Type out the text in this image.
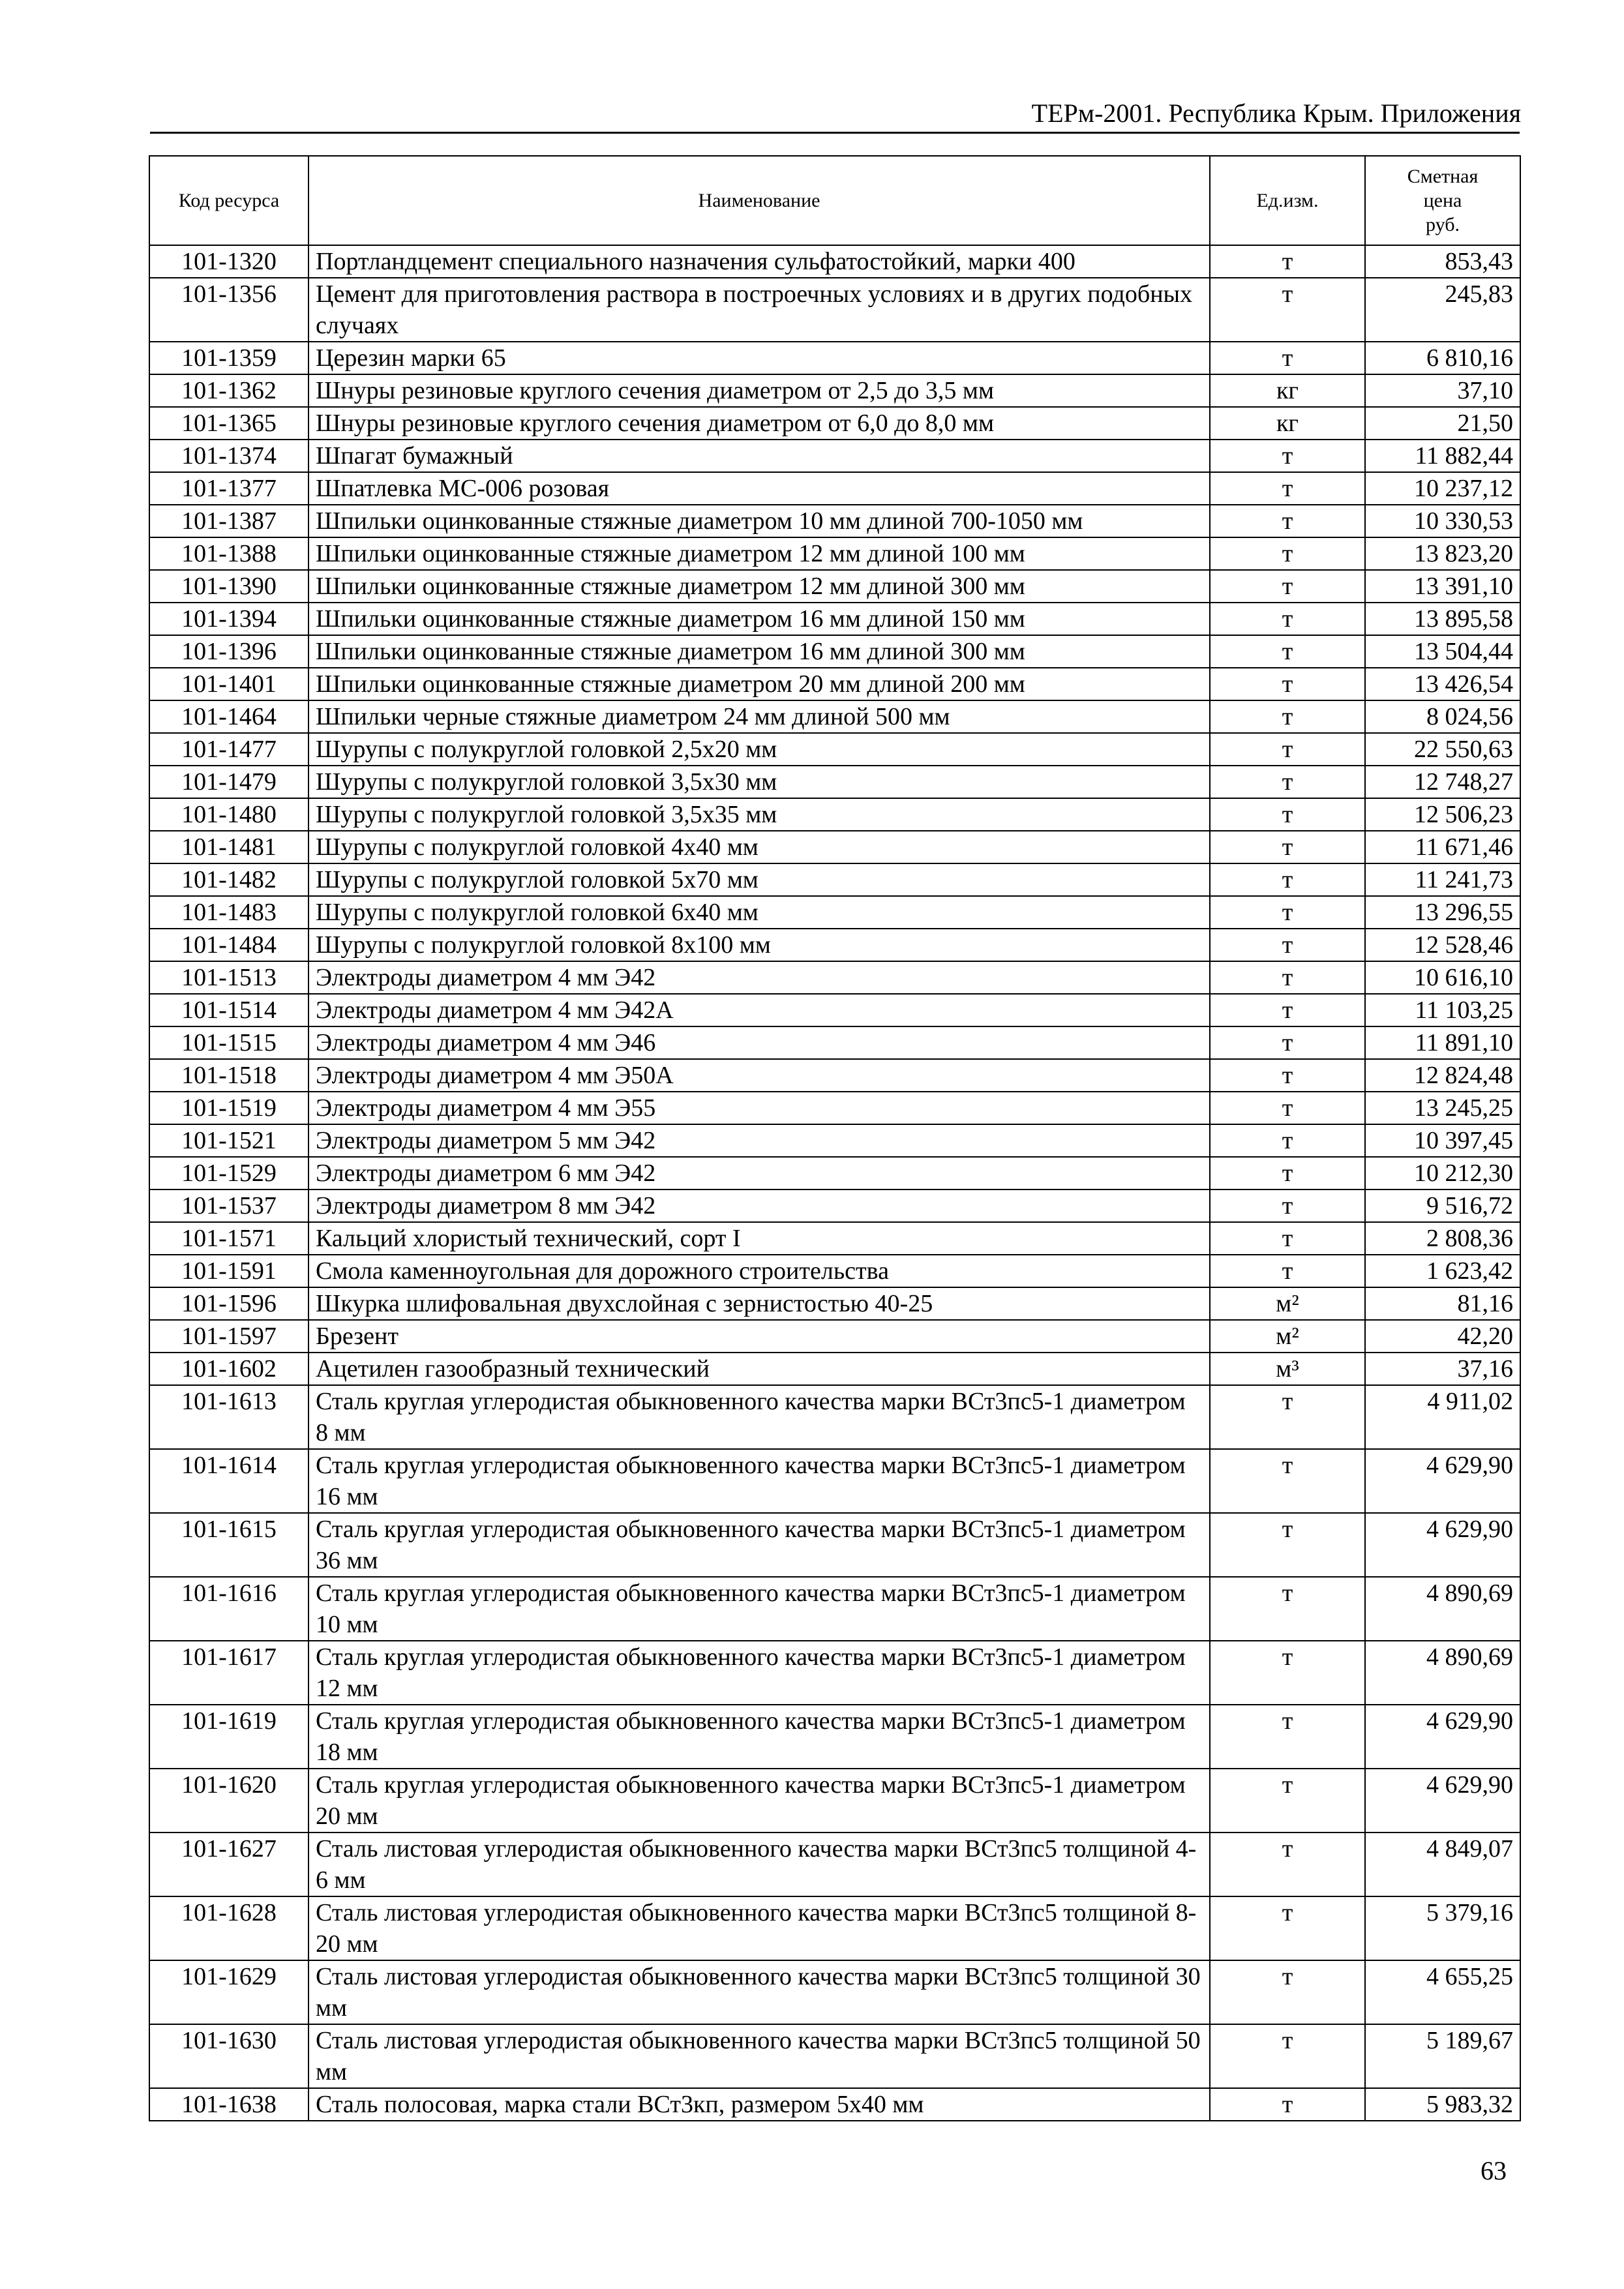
ТЕРм-2001. Республика Крым. Приложения
Код ресурса	Наименование	Ед.изм.	Сметная
цена
руб.
101-1320	Портландцемент специального назначения сульфатостойкий, марки 400	т	853,43
101-1356	Цемент для приготовления раствора в построечных условиях и в других подобных случаях	т	245,83
101-1359	Церезин марки 65	т	6 810,16
101-1362	Шнуры резиновые круглого сечения диаметром от 2,5 до 3,5 мм	кг	37,10
101-1365	Шнуры резиновые круглого сечения диаметром от 6,0 до 8,0 мм	кг	21,50
101-1374	Шпагат бумажный	т	11 882,44
101-1377	Шпатлевка МС-006 розовая	т	10 237,12
101-1387	Шпильки оцинкованные стяжные диаметром 10 мм длиной 700-1050 мм	т	10 330,53
101-1388	Шпильки оцинкованные стяжные диаметром 12 мм длиной 100 мм	т	13 823,20
101-1390	Шпильки оцинкованные стяжные диаметром 12 мм длиной 300 мм	т	13 391,10
101-1394	Шпильки оцинкованные стяжные диаметром 16 мм длиной 150 мм	т	13 895,58
101-1396	Шпильки оцинкованные стяжные диаметром 16 мм длиной 300 мм	т	13 504,44
101-1401	Шпильки оцинкованные стяжные диаметром 20 мм длиной 200 мм	т	13 426,54
101-1464	Шпильки черные стяжные диаметром 24 мм длиной 500 мм	т	8 024,56
101-1477	Шурупы с полукруглой головкой 2,5х20 мм	т	22 550,63
101-1479	Шурупы с полукруглой головкой 3,5х30 мм	т	12 748,27
101-1480	Шурупы с полукруглой головкой 3,5х35 мм	т	12 506,23
101-1481	Шурупы с полукруглой головкой 4х40 мм	т	11 671,46
101-1482	Шурупы с полукруглой головкой 5х70 мм	т	11 241,73
101-1483	Шурупы с полукруглой головкой 6х40 мм	т	13 296,55
101-1484	Шурупы с полукруглой головкой 8х100 мм	т	12 528,46
101-1513	Электроды диаметром 4 мм Э42	т	10 616,10
101-1514	Электроды диаметром 4 мм Э42А	т	11 103,25
101-1515	Электроды диаметром 4 мм Э46	т	11 891,10
101-1518	Электроды диаметром 4 мм Э50А	т	12 824,48
101-1519	Электроды диаметром 4 мм Э55	т	13 245,25
101-1521	Электроды диаметром 5 мм Э42	т	10 397,45
101-1529	Электроды диаметром 6 мм Э42	т	10 212,30
101-1537	Электроды диаметром 8 мм Э42	т	9 516,72
101-1571	Кальций хлористый технический, сорт I	т	2 808,36
101-1591	Смола каменноугольная для дорожного строительства	т	1 623,42
101-1596	Шкурка шлифовальная двухслойная с зернистостью 40-25	м²	81,16
101-1597	Брезент	м²	42,20
101-1602	Ацетилен газообразный технический	м³	37,16
101-1613	Сталь круглая углеродистая обыкновенного качества марки ВСт3пс5-1 диаметром 8 мм	т	4 911,02
101-1614	Сталь круглая углеродистая обыкновенного качества марки ВСт3пс5-1 диаметром 16 мм	т	4 629,90
101-1615	Сталь круглая углеродистая обыкновенного качества марки ВСт3пс5-1 диаметром 36 мм	т	4 629,90
101-1616	Сталь круглая углеродистая обыкновенного качества марки ВСт3пс5-1 диаметром 10 мм	т	4 890,69
101-1617	Сталь круглая углеродистая обыкновенного качества марки ВСт3пс5-1 диаметром 12 мм	т	4 890,69
101-1619	Сталь круглая углеродистая обыкновенного качества марки ВСт3пс5-1 диаметром 18 мм	т	4 629,90
101-1620	Сталь круглая углеродистая обыкновенного качества марки ВСт3пс5-1 диаметром 20 мм	т	4 629,90
101-1627	Сталь листовая углеродистая обыкновенного качества марки ВСт3пс5 толщиной 4-6 мм	т	4 849,07
101-1628	Сталь листовая углеродистая обыкновенного качества марки ВСт3пс5 толщиной 8-20 мм	т	5 379,16
101-1629	Сталь листовая углеродистая обыкновенного качества марки ВСт3пс5 толщиной 30 мм	т	4 655,25
101-1630	Сталь листовая углеродистая обыкновенного качества марки ВСт3пс5 толщиной 50 мм	т	5 189,67
101-1638	Сталь полосовая, марка стали ВСт3кп, размером 5х40 мм	т	5 983,32
63
